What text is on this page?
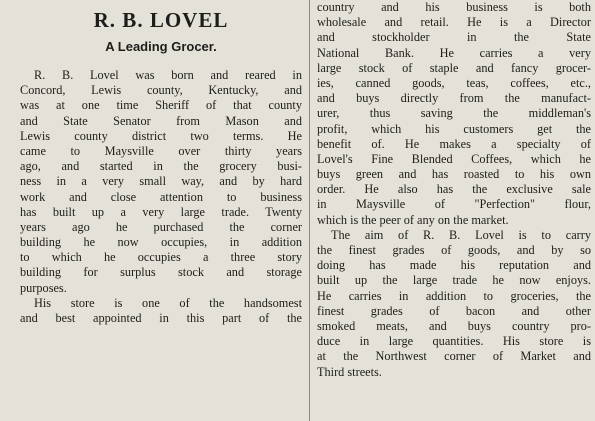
R. B. LOVEL
A Leading Grocer.
R. B. Lovel was born and reared in
Concord, Lewis county, Kentucky, and
was at one time Sheriff of that county
and State Senator from Mason and
Lewis county district two terms. He
came to Maysville over thirty years
ago, and started in the grocery busi-
ness in a very small way, and by hard
work and close attention to business
has built up a very large trade. Twenty
years ago he purchased the corner
building he now occupies, in addition
to which he occupies a three story
building for surplus stock and storage
purposes.
His store is one of the handsomest
and best appointed in this part of the
country and his business is both
wholesale and retail. He is a Director
and stockholder in the State
National Bank. He carries a very
large stock of staple and fancy grocer-
ies, canned goods, teas, coffees, etc.,
and buys directly from the manufact-
urer, thus saving the middleman's
profit, which his customers get the
benefit of. He makes a specialty of
Lovel's Fine Blended Coffees, which he
buys green and has roasted to his own
order. He also has the exclusive sale
in Maysville of "Perfection" flour,
which is the peer of any on the market.
The aim of R. B. Lovel is to carry
the finest grades of goods, and by so
doing has made his reputation and
built up the large trade he now enjoys.
He carries in addition to groceries, the
finest grades of bacon and other
smoked meats, and buys country pro-
duce in large quantities. His store is
at the Northwest corner of Market and
Third streets.
